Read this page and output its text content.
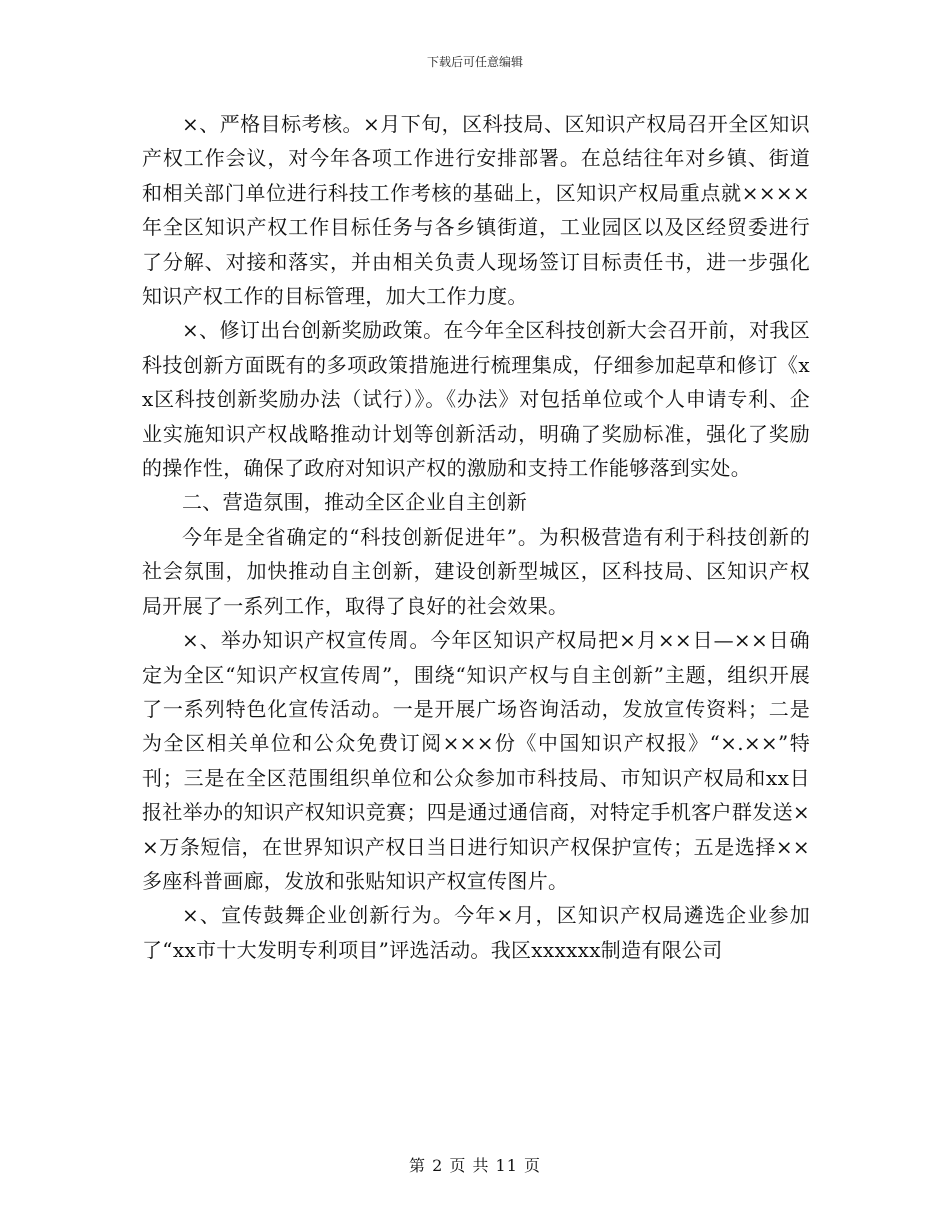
下载后可任意编辑

×、严格目标考核。×月下旬，区科技局、区知识产权局召开全区知识产权工作会议，对今年各项工作进行安排部署。在总结往年对乡镇、街道和相关部门单位进行科技工作考核的基础上，区知识产权局重点就××××年全区知识产权工作目标任务与各乡镇街道，工业园区以及区经贸委进行了分解、对接和落实，并由相关负责人现场签订目标责任书，进一步强化知识产权工作的目标管理，加大工作力度。

×、修订出台创新奖励政策。在今年全区科技创新大会召开前，对我区科技创新方面既有的多项政策措施进行梳理集成，仔细参加起草和修订《xx区科技创新奖励办法（试行）》。《办法》对包括单位或个人申请专利、企业实施知识产权战略推动计划等创新活动，明确了奖励标准，强化了奖励的操作性，确保了政府对知识产权的激励和支持工作能够落到实处。

二、营造氛围，推动全区企业自主创新

今年是全省确定的“科技创新促进年”。为积极营造有利于科技创新的社会氛围，加快推动自主创新，建设创新型城区，区科技局、区知识产权局开展了一系列工作，取得了良好的社会效果。

×、举办知识产权宣传周。今年区知识产权局把×月××日—××日确定为全区“知识产权宣传周”，围绕“知识产权与自主创新”主题，组织开展了一系列特色化宣传活动。一是开展广场咨询活动，发放宣传资料；二是为全区相关单位和公众免费订阅×××份《中国知识产权报》“×.××”特刊；三是在全区范围组织单位和公众参加市科技局、市知识产权局和xx日报社举办的知识产权知识竞赛；四是通过通信商，对特定手机客户群发送××万条短信，在世界知识产权日当日进行知识产权保护宣传；五是选择××多座科普画廊，发放和张贴知识产权宣传图片。

×、宣传鼓舞企业创新行为。今年×月，区知识产权局遴选企业参加了“xx市十大发明专利项目”评选活动。我区xxxxxx制造有限公司

第 2 页 共 11 页
